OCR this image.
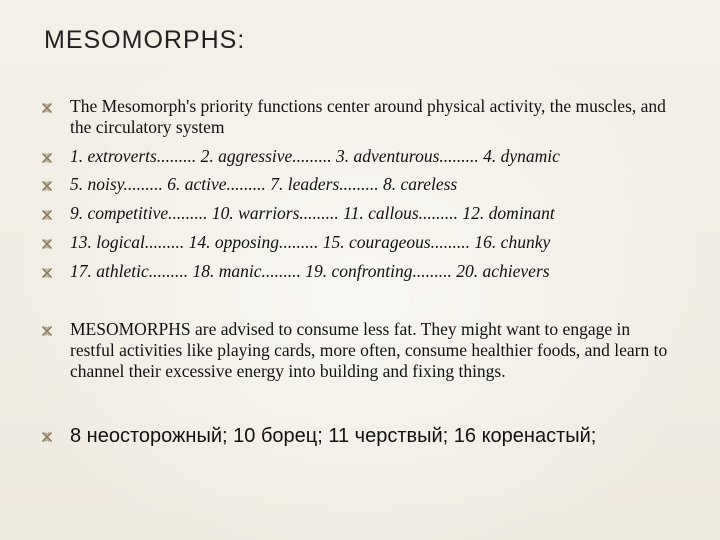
MESOMORPHS:
The Mesomorph's priority functions center around physical activity, the muscles, and the circulatory system
1. extroverts......... 2. aggressive......... 3. adventurous......... 4. dynamic
5. noisy......... 6. active......... 7. leaders......... 8. careless
9. competitive......... 10. warriors......... 11. callous......... 12. dominant
13. logical......... 14. opposing......... 15. courageous......... 16. chunky
17. athletic......... 18. manic......... 19. confronting......... 20. achievers
MESOMORPHS are advised to consume less fat. They might want to engage in restful activities like playing cards, more often, consume healthier foods, and learn to channel their excessive energy into building and fixing things.
8 неосторожный; 10 борец; 11 черствый; 16 коренастый;
